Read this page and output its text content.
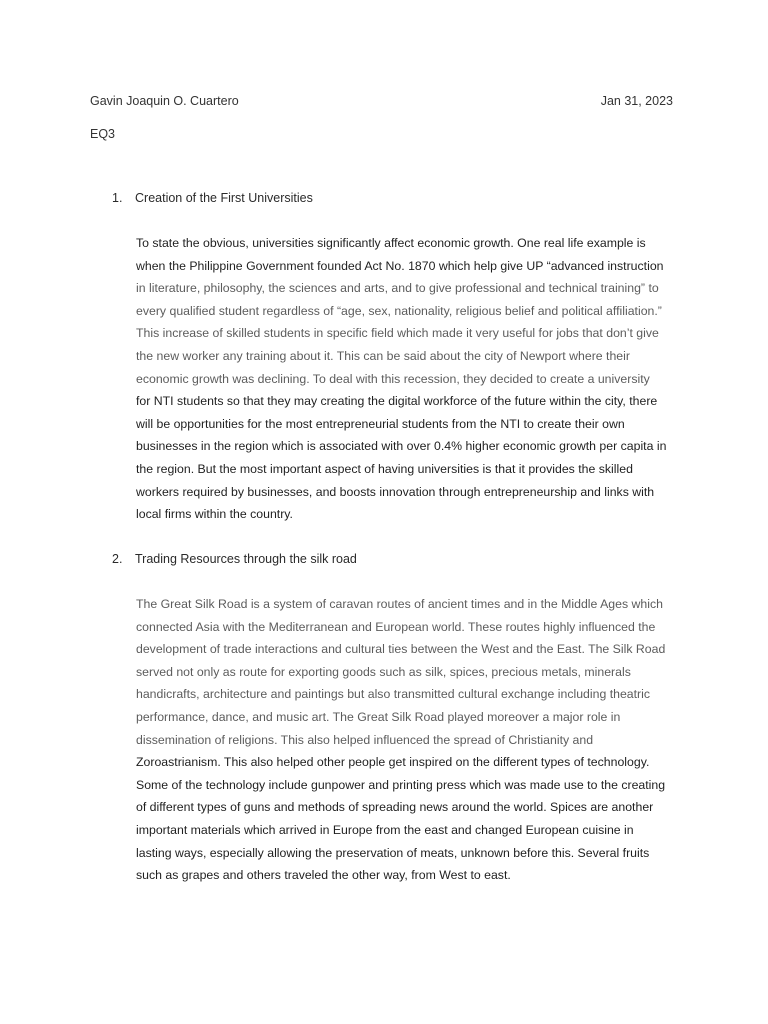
Gavin Joaquin O. Cuartero	Jan 31, 2023
EQ3
1. Creation of the First Universities
To state the obvious, universities significantly affect economic growth. One real life example is
when the Philippine Government founded Act No. 1870 which help give UP “advanced instruction
in literature, philosophy, the sciences and arts, and to give professional and technical training” to
every qualified student regardless of “age, sex, nationality, religious belief and political affiliation.”
This increase of skilled students in specific field which made it very useful for jobs that don’t give
the new worker any training about it. This can be said about the city of Newport where their
economic growth was declining. To deal with this recession, they decided to create a university
for NTI students so that they may creating the digital workforce of the future within the city, there
will be opportunities for the most entrepreneurial students from the NTI to create their own
businesses in the region which is associated with over 0.4% higher economic growth per capita in
the region. But the most important aspect of having universities is that it provides the skilled
workers required by businesses, and boosts innovation through entrepreneurship and links with
local firms within the country.
2. Trading Resources through the silk road
The Great Silk Road is a system of caravan routes of ancient times and in the Middle Ages which
connected Asia with the Mediterranean and European world. These routes highly influenced the
development of trade interactions and cultural ties between the West and the East. The Silk Road
served not only as route for exporting goods such as silk, spices, precious metals, minerals
handicrafts, architecture and paintings but also transmitted cultural exchange including theatric
performance, dance, and music art. The Great Silk Road played moreover a major role in
dissemination of religions. This also helped influenced the spread of Christianity and
Zoroastrianism. This also helped other people get inspired on the different types of technology.
Some of the technology include gunpower and printing press which was made use to the creating
of different types of guns and methods of spreading news around the world. Spices are another
important materials which arrived in Europe from the east and changed European cuisine in
lasting ways, especially allowing the preservation of meats, unknown before this. Several fruits
such as grapes and others traveled the other way, from West to east.
